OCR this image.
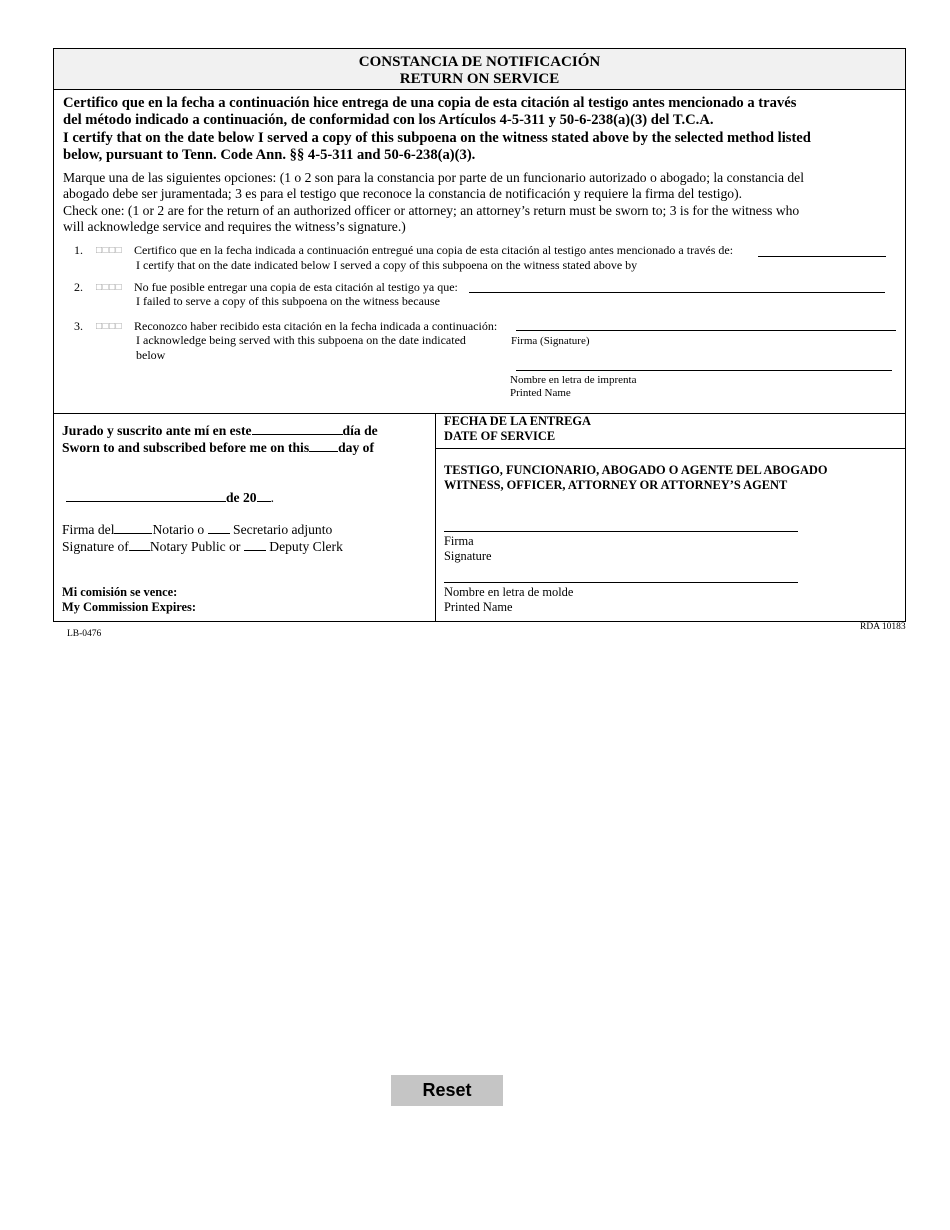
CONSTANCIA DE NOTIFICACIÓN
RETURN ON SERVICE
Certifico que en la fecha a continuación hice entrega de una copia de esta citación al testigo antes mencionado a través
del método indicado a continuación, de conformidad con los Artículos 4-5-311 y 50-6-238(a)(3) del T.C.A.
I certify that on the date below I served a copy of this subpoena on the witness stated above by the selected method listed
below, pursuant to Tenn. Code Ann. §§ 4-5-311 and 50-6-238(a)(3).
Marque una de las siguientes opciones: (1 o 2 son para la constancia por parte de un funcionario autorizado o abogado; la constancia del
abogado debe ser juramentada; 3 es para el testigo que reconoce la constancia de notificación y requiere la firma del testigo).
Check one: (1 or 2 are for the return of an authorized officer or attorney; an attorney’s return must be sworn to; 3 is for the witness who
will acknowledge service and requires the witness’s signature.)
1. □□□□ Certifico que en la fecha indicada a continuación entregué una copia de esta citación al testigo antes mencionado a través de:
I certify that on the date indicated below I served a copy of this subpoena on the witness stated above by
2. □□□□ No fue posible entregar una copia de esta citación al testigo ya que:
I failed to serve a copy of this subpoena on the witness because
3. □□□□ Reconozco haber recibido esta citación en la fecha indicada a continuación:
I acknowledge being served with this subpoena on the date indicated
below
Firma (Signature)
Nombre en letra de imprenta
Printed Name
Jurado y suscrito ante mí en este	día de
Sworn to and subscribed before me on this day of
de 20 .
Firma del	Notario o Secretario adjunto
Signature of Notary Public or Deputy Clerk
Mi comisión se vence:
My Commission Expires:
FECHA DE LA ENTREGA
DATE OF SERVICE
TESTIGO, FUNCIONARIO, ABOGADO O AGENTE DEL ABOGADO
WITNESS, OFFICER, ATTORNEY OR ATTORNEY’S AGENT
Firma
Signature
Nombre en letra de molde
Printed Name
LB-0476
RDA 10183
Reset
